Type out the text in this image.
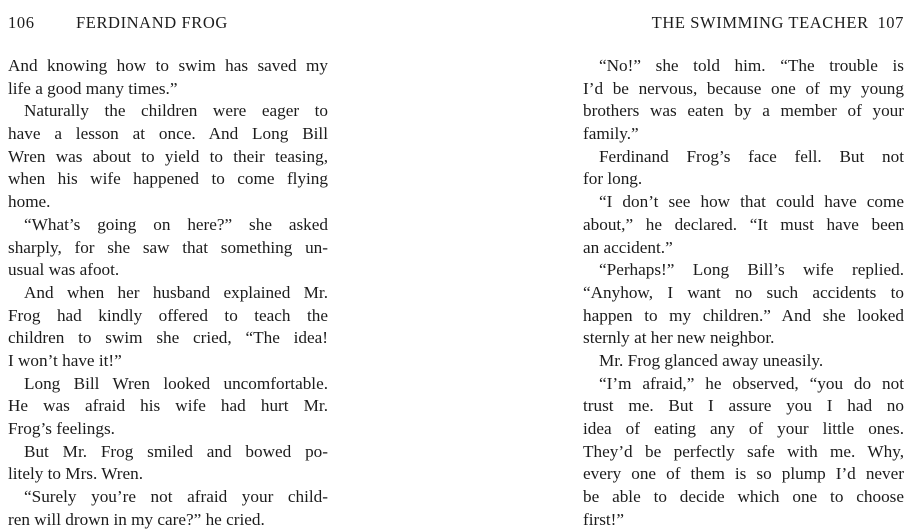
106	FERDINAND FROG
And knowing how to swim has saved my
life a good many times.”
Naturally the children were eager to
have a lesson at once. And Long Bill
Wren was about to yield to their teasing,
when his wife happened to come flying
home.
“What’s going on here?” she asked
sharply, for she saw that something un-
usual was afoot.
And when her husband explained Mr.
Frog had kindly offered to teach the
children to swim she cried, “The idea!
I won’t have it!”
Long Bill Wren looked uncomfortable.
He was afraid his wife had hurt Mr.
Frog’s feelings.
But Mr. Frog smiled and bowed po-
litely to Mrs. Wren.
“Surely you’re not afraid your child-
ren will drown in my care?” he cried.
THE SWIMMING TEACHER 107
“No!” she told him. “The trouble is
I’d be nervous, because one of my young
brothers was eaten by a member of your
family.”
Ferdinand Frog’s face fell. But not
for long.
“I don’t see how that could have come
about,” he declared. “It must have been
an accident.”
“Perhaps!” Long Bill’s wife replied.
“Anyhow, I want no such accidents to
happen to my children.” And she looked
sternly at her new neighbor.
Mr. Frog glanced away uneasily.
“I’m afraid,” he observed, “you do not
trust me. But I assure you I had no
idea of eating any of your little ones.
They’d be perfectly safe with me. Why,
every one of them is so plump I’d never
be able to decide which one to choose
first!”
